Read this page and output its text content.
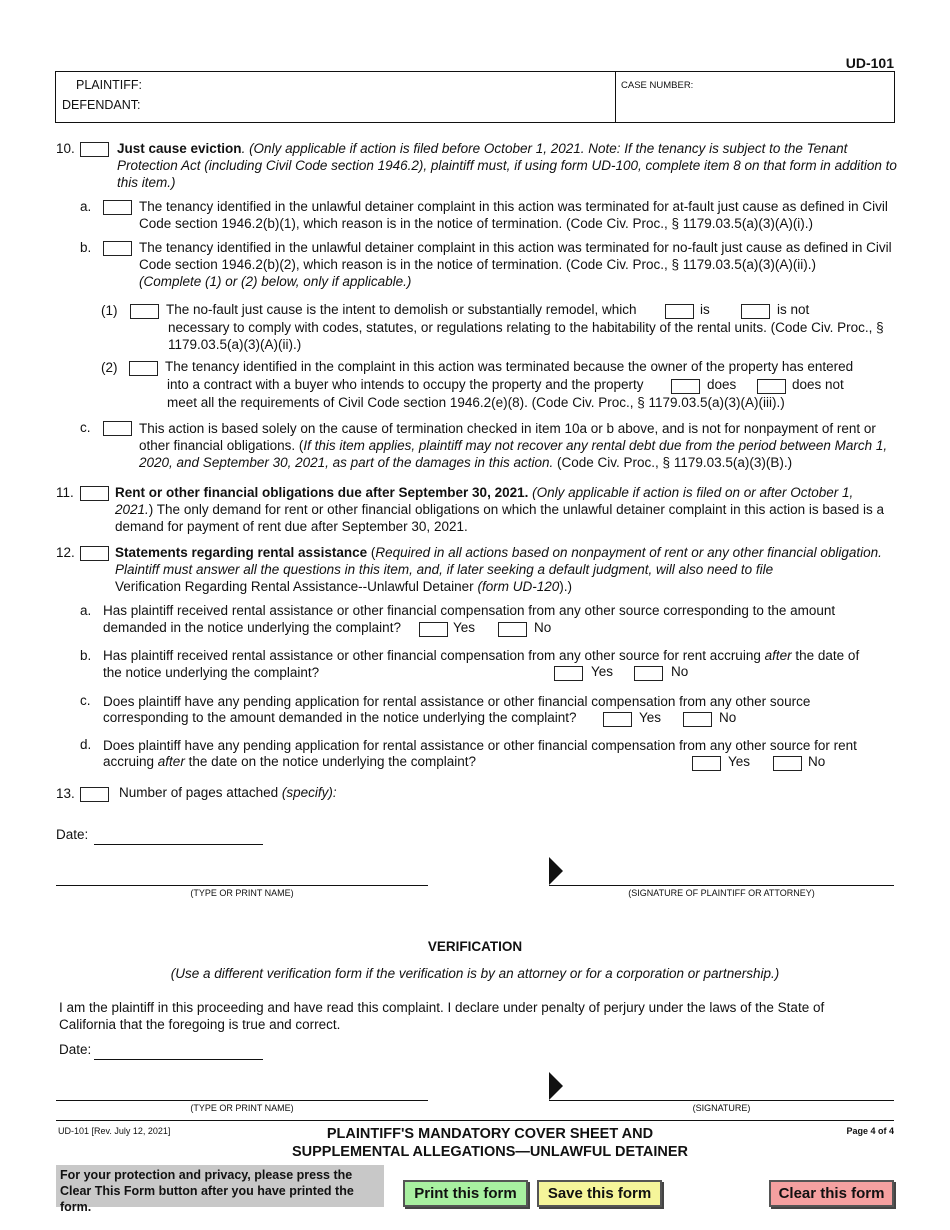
UD-101
PLAINTIFF:
DEFENDANT:
CASE NUMBER:
10.	Just cause eviction. (Only applicable if action is filed before October 1, 2021. Note: If the tenancy is subject to the Tenant Protection Act (including Civil Code section 1946.2), plaintiff must, if using form UD-100, complete item 8 on that form in addition to this item.)
a.	The tenancy identified in the unlawful detainer complaint in this action was terminated for at-fault just cause as defined in Civil Code section 1946.2(b)(1), which reason is in the notice of termination. (Code Civ. Proc., § 1179.03.5(a)(3)(A)(i).)
b.	The tenancy identified in the unlawful detainer complaint in this action was terminated for no-fault just cause as defined in Civil Code section 1946.2(b)(2), which reason is in the notice of termination. (Code Civ. Proc., § 1179.03.5(a)(3)(A)(ii).)
(Complete (1) or (2) below, only if applicable.)
(1)	The no-fault just cause is the intent to demolish or substantially remodel, which	is	is not
necessary to comply with codes, statutes, or regulations relating to the habitability of the rental units. (Code Civ. Proc., § 1179.03.5(a)(3)(A)(ii).)
(2)	The tenancy identified in the complaint in this action was terminated because the owner of the property has entered
into a contract with a buyer who intends to occupy the property and the property	does	does not
meet all the requirements of Civil Code section 1946.2(e)(8). (Code Civ. Proc., § 1179.03.5(a)(3)(A)(iii).)
c.	This action is based solely on the cause of termination checked in item 10a or b above, and is not for nonpayment of rent or other financial obligations. (If this item applies, plaintiff may not recover any rental debt due from the period between March 1, 2020, and September 30, 2021, as part of the damages in this action. (Code Civ. Proc., § 1179.03.5(a)(3)(B).)
11.	Rent or other financial obligations due after September 30, 2021. (Only applicable if action is filed on or after October 1, 2021.) The only demand for rent or other financial obligations on which the unlawful detainer complaint in this action is based is a demand for payment of rent due after September 30, 2021.
12.	Statements regarding rental assistance (Required in all actions based on nonpayment of rent or any other financial obligation. Plaintiff must answer all the questions in this item, and, if later seeking a default judgment, will also need to file
Verification Regarding Rental Assistance--Unlawful Detainer (form UD-120).)
a. Has plaintiff received rental assistance or other financial compensation from any other source corresponding to the amount
demanded in the notice underlying the complaint?	Yes	No
b. Has plaintiff received rental assistance or other financial compensation from any other source for rent accruing after the date of
the notice underlying the complaint?	Yes	No
c. Does plaintiff have any pending application for rental assistance or other financial compensation from any other source
corresponding to the amount demanded in the notice underlying the complaint?	Yes	No
d. Does plaintiff have any pending application for rental assistance or other financial compensation from any other source for rent
accruing after the date on the notice underlying the complaint?	Yes	No
13.	Number of pages attached (specify):
Date:
(TYPE OR PRINT NAME)	(SIGNATURE OF PLAINTIFF OR ATTORNEY)
VERIFICATION
(Use a different verification form if the verification is by an attorney or for a corporation or partnership.)
I am the plaintiff in this proceeding and have read this complaint. I declare under penalty of perjury under the laws of the State of California that the foregoing is true and correct.
Date:
(TYPE OR PRINT NAME)	(SIGNATURE)
UD-101 [Rev. July 12, 2021]	PLAINTIFF'S MANDATORY COVER SHEET AND
SUPPLEMENTAL ALLEGATIONS—UNLAWFUL DETAINER
Page 4 of 4
For your protection and privacy, please press the Clear This Form button after you have printed the form.
Print this form	Save this form	Clear this form
